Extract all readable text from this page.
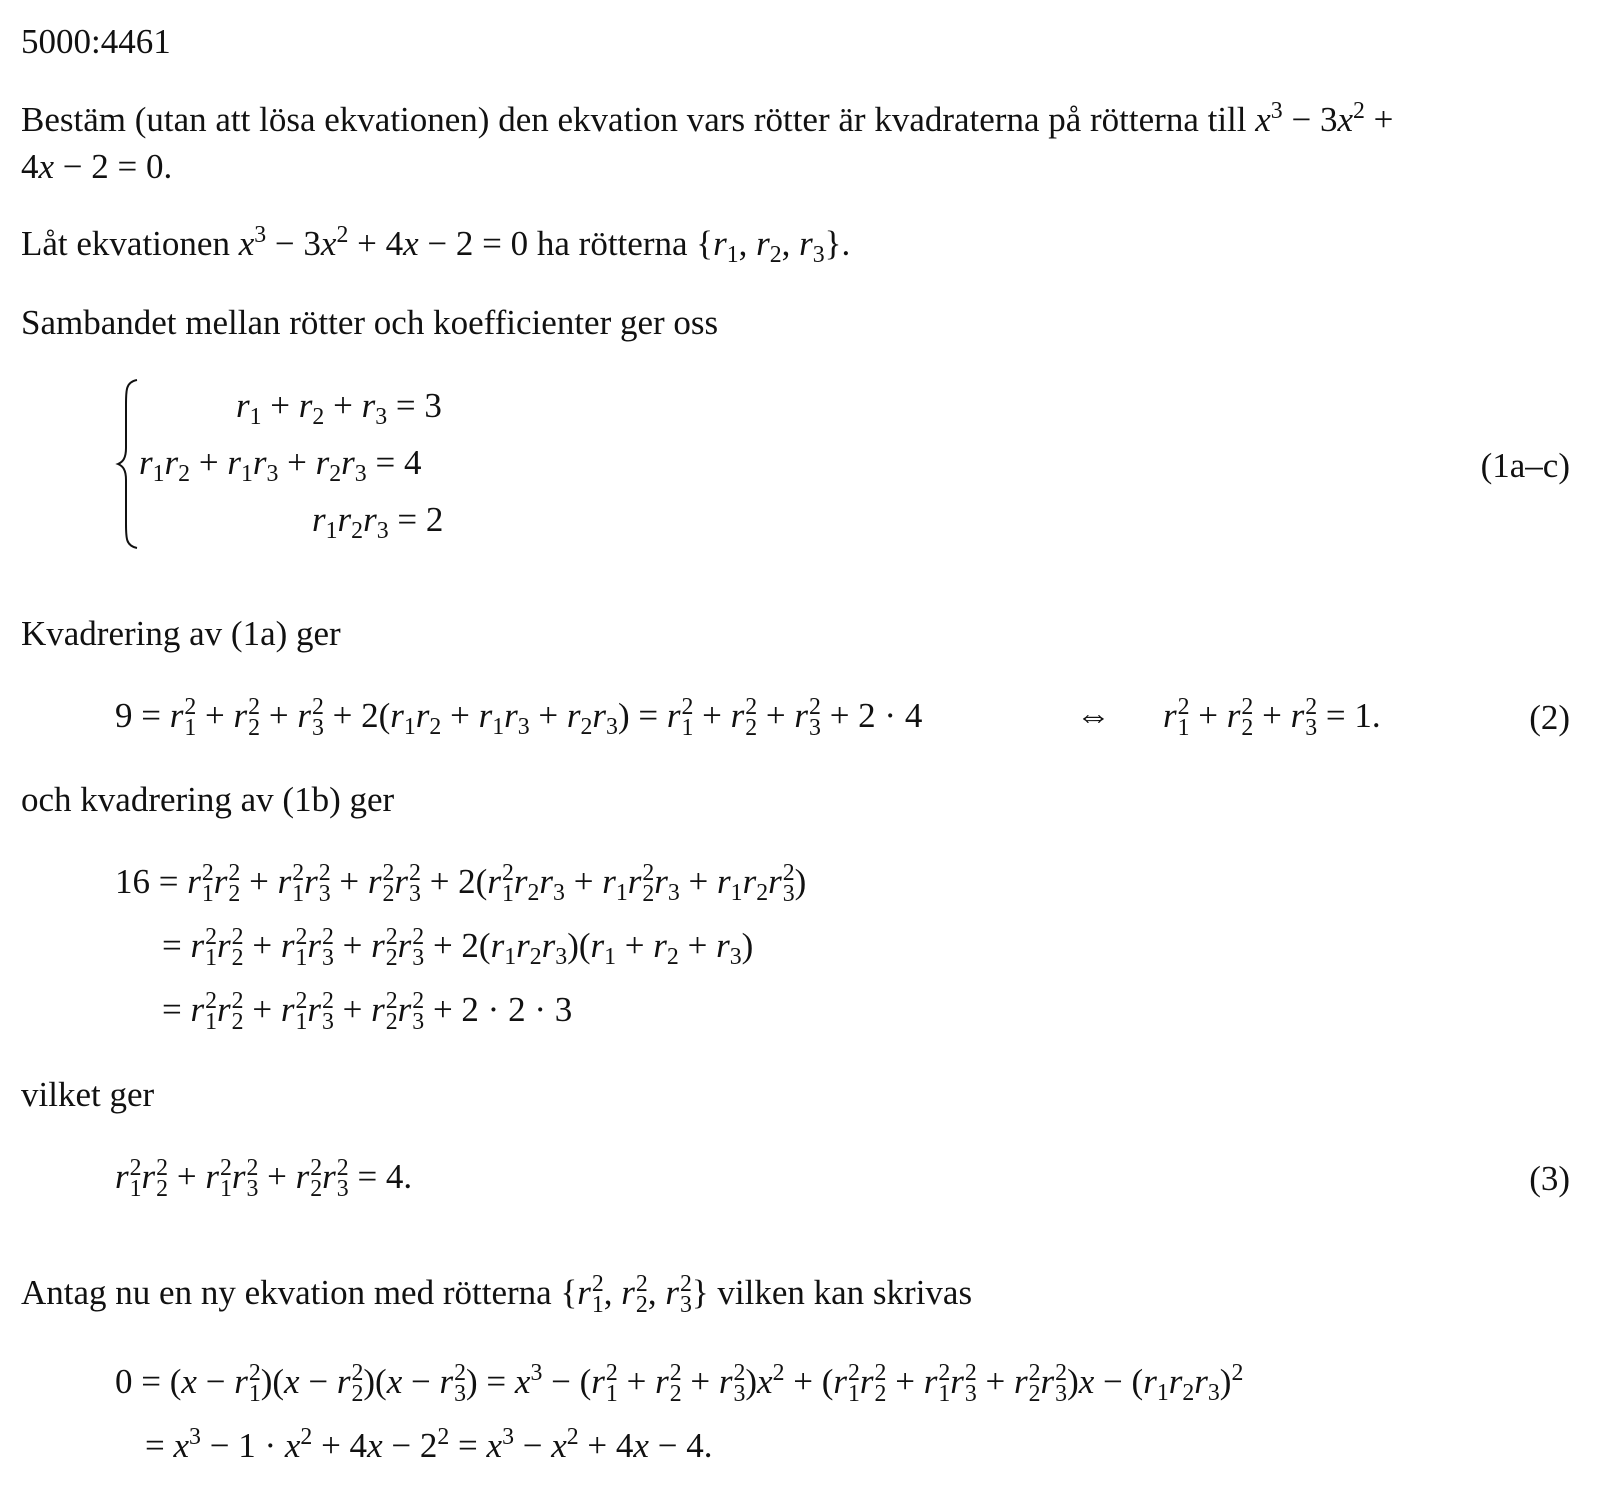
5000:4461
Bestäm (utan att lösa ekvationen) den ekvation vars rötter är kvadraterna på rötterna till $x^3 - 3x^2$ +
4x − 2 = 0.
Låt ekvationen $x^3 - 3x^2 + 4x - 2 = 0$ ha rötterna {$r_1$, $r_2$, $r_3$}.
Sambandet mellan rötter och koefficienter ger oss
$r_1 + r_2 + r_3 = 3$
$r_1r_2 + r_1r_3 + r_2r_3 = 4$
$r_1r_2r_3 = 2$
(1a–c)
Kvadrering av (1a) ger
9 = r 2
1 + r 2
2 + r 2
$3 + 2(r_1r_2 + r_1r_3 + r_2r_3) = r$ 2
1 + r 2
2 + r 2
3 + 2 · 4	⇔ r 2
1 + r 2
2 + r 2
3 = 1.	(2)
och kvadrering av (1b) ger
16 = r 2
1 r 2
2 + r 2
1 r 2
3 + r 2
2 r 2
3 + 2(r 2
1 $r_2r_3 + r_1r$ 2
2 $r_3 + r_1r_2r$ 2
3 )
= r 2
1 r 2
2 + r 2
1 r 2
3 + r 2
2 r 2
$3 + 2(r_1r_2r_3)(r_1 + r_2 + r_3)$
= r 2
1 r 2
2 + r 2
1 r 2
3 + r 2
2 r 2
3 + 2 · 2 · 3
vilket ger
r 2
1 r 2
2 + r 2
1 r 2
3 + r 2
2 r 2
3 = 4.	(3)
Antag nu en ny ekvation med rötterna {r 2
1 , r 2
2 , r 2
3 } vilken kan skrivas
0 = (x − r 2
1 )(x − r 2
2 )(x − r 2
3 ) = $x^3 - (r$ 2
1 + r 2
2 + r 2
3 )$x^2 + (r$ 2
1 r 2
2 + r 2
1 r 2
3 + r 2
2 r 2
3 )$x - (r_1r_2r_3)^2$
= $x^3 - 1 \cdot x^2 + 4x - 2^2 = x^3 - x^2 + 4x - 4$.
